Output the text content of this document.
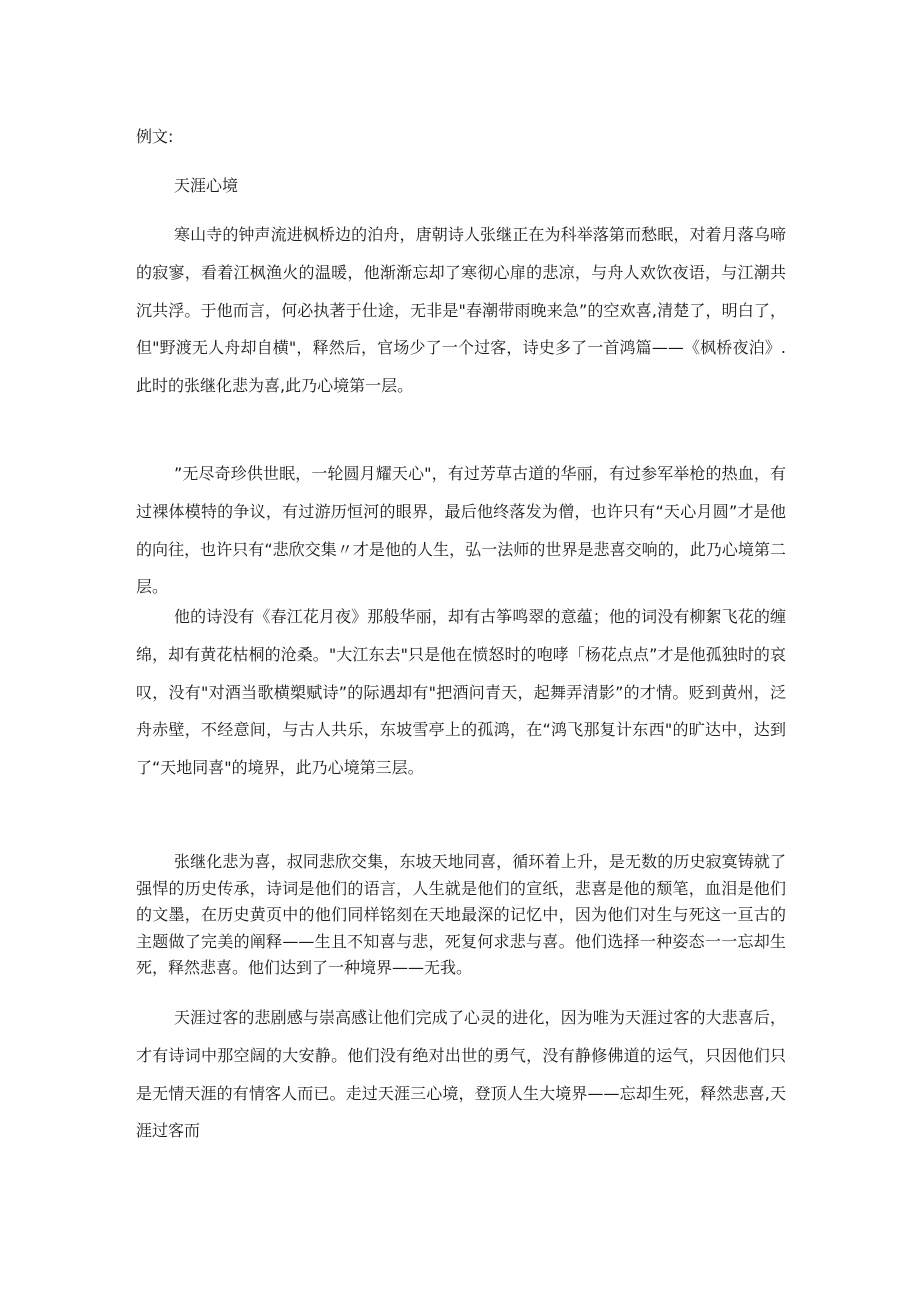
例文:
天涯心境

寒山寺的钟声流进枫桥边的泊舟，唐朝诗人张继正在为科举落第而愁眠，对着月落乌啼的寂寥，看着江枫渔火的温暖，他渐渐忘却了寒彻心扉的悲凉，与舟人欢饮夜语，与江潮共沉共浮。于他而言，何必执著于仕途，无非是"春潮带雨晚来急”的空欢喜,清楚了，明白了，但"野渡无人舟却自横"，释然后，官场少了一个过客，诗史多了一首鸿篇——《枫桥夜泊》.此时的张继化悲为喜,此乃心境第一层。

”无尽奇珍供世眠，一轮圆月耀天心"，有过芳草古道的华丽，有过参军举枪的热血，有过裸体模特的争议，有过游历恒河的眼界，最后他终落发为僧，也许只有“天心月圆”才是他的向往，也许只有“悲欣交集〃才是他的人生，弘一法师的世界是悲喜交响的，此乃心境第二层。

他的诗没有《春江花月夜》那般华丽，却有古筝鸣翠的意蕴；他的词没有柳絮飞花的缠绵，却有黄花枯桐的沧桑。"大江东去"只是他在愤怒时的咆哮「杨花点点”才是他孤独时的哀叹，没有"对酒当歌横槊赋诗”的际遇却有"把酒问青天，起舞弄清影”的才情。贬到黄州，泛舟赤壁，不经意间，与古人共乐，东坡雪亭上的孤鸿，在“鸿飞那复计东西"的旷达中，达到了“天地同喜"的境界，此乃心境第三层。

张继化悲为喜，叔同悲欣交集，东坡天地同喜，循环着上升，是无数的历史寂寞铸就了强悍的历史传承，诗词是他们的语言，人生就是他们的宣纸，悲喜是他的颓笔，血泪是他们的文墨，在历史黄页中的他们同样铭刻在天地最深的记忆中，因为他们对生与死这一亘古的主题做了完美的阐释——生且不知喜与悲，死复何求悲与喜。他们选择一种姿态一一忘却生死，释然悲喜。他们达到了一种境界——无我。

天涯过客的悲剧感与崇高感让他们完成了心灵的进化，因为唯为天涯过客的大悲喜后，才有诗词中那空阔的大安静。他们没有绝对出世的勇气，没有静修佛道的运气，只因他们只是无情天涯的有情客人而已。走过天涯三心境，登顶人生大境界——忘却生死，释然悲喜,天涯过客而
